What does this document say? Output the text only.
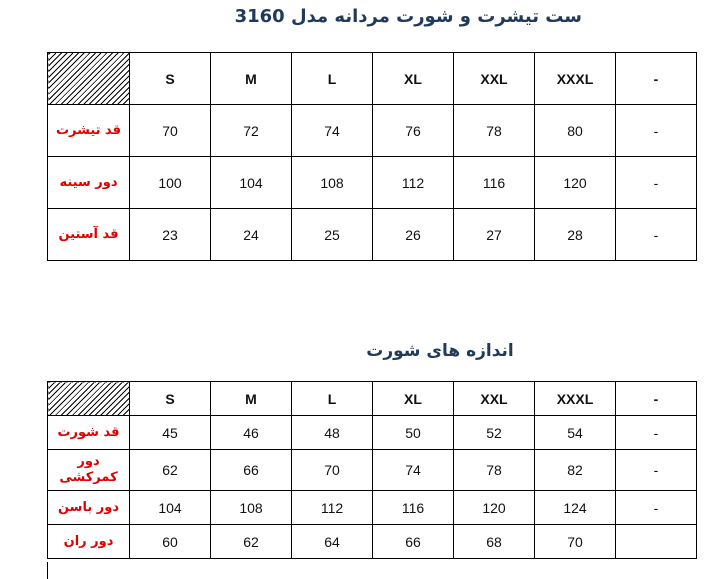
ست تیشرت و شورت مردانه مدل 3160
	S	M	L	XL	XXL	XXXL	-
قد تیشرت	70	72	74	76	78	80	-
دور سینه	100	104	108	112	116	120	-
قد آستین	23	24	25	26	27	28	-
اندازه های شورت
	S	M	L	XL	XXL	XXXL	-
قد شورت	45	46	48	50	52	54	-
دور کمرکشی	62	66	70	74	78	82	-
دور باسن	104	108	112	116	120	124	-
دور ران	60	62	64	66	68	70	
